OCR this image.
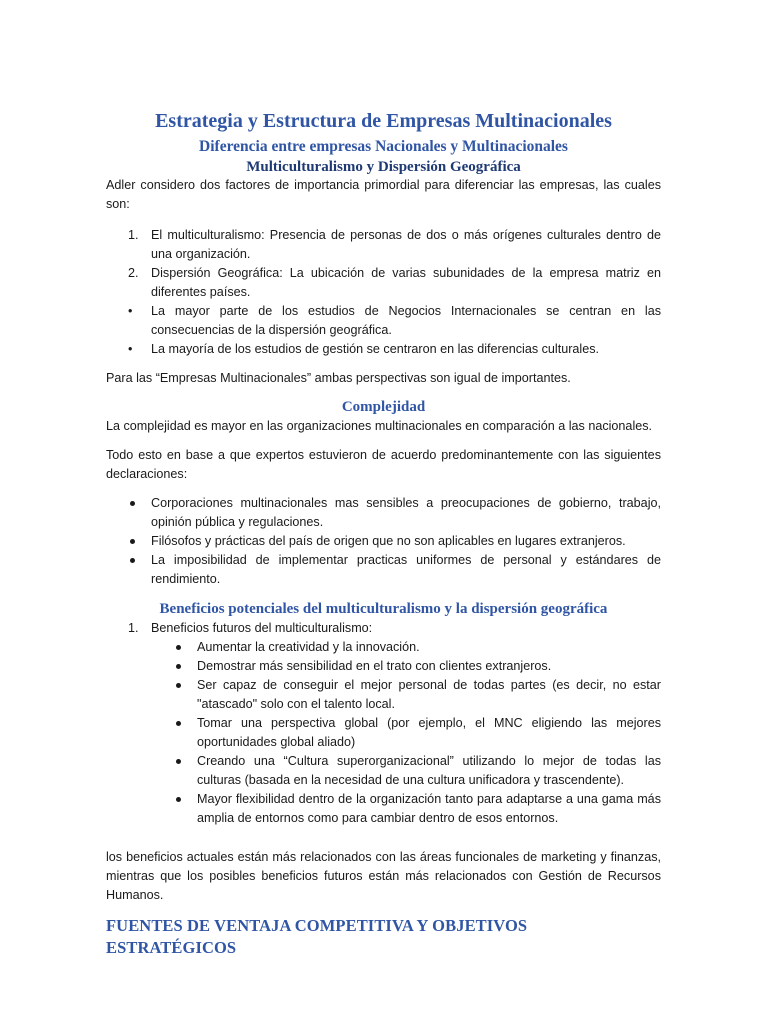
Estrategia y Estructura de Empresas Multinacionales
Diferencia entre empresas Nacionales y Multinacionales
Multiculturalismo y Dispersión Geográfica

Adler considero dos factores de importancia primordial para diferenciar las empresas, las cuales son:

1. El multiculturalismo: Presencia de personas de dos o más orígenes culturales dentro de una organización.
2. Dispersión Geográfica: La ubicación de varias subunidades de la empresa matriz en diferentes países.
• La mayor parte de los estudios de Negocios Internacionales se centran en las consecuencias de la dispersión geográfica.
• La mayoría de los estudios de gestión se centraron en las diferencias culturales.

Para las “Empresas Multinacionales” ambas perspectivas son igual de importantes.

Complejidad

La complejidad es mayor en las organizaciones multinacionales en comparación a las nacionales.

Todo esto en base a que expertos estuvieron de acuerdo predominantemente con las siguientes declaraciones:

Corporaciones multinacionales mas sensibles a preocupaciones de gobierno, trabajo, opinión pública y regulaciones.
Filósofos y prácticas del país de origen que no son aplicables en lugares extranjeros.
La imposibilidad de implementar practicas uniformes de personal y estándares de rendimiento.
Beneficios potenciales del multiculturalismo y la dispersión geográfica
1. Beneficios futuros del multiculturalismo:
Aumentar la creatividad y la innovación.
Demostrar más sensibilidad en el trato con clientes extranjeros.
Ser capaz de conseguir el mejor personal de todas partes (es decir, no estar "atascado" solo con el talento local.
Tomar una perspectiva global (por ejemplo, el MNC eligiendo las mejores oportunidades global aliado)
Creando una “Cultura superorganizacional” utilizando lo mejor de todas las culturas (basada en la necesidad de una cultura unificadora y trascendente).
Mayor flexibilidad dentro de la organización tanto para adaptarse a una gama más amplia de entornos como para cambiar dentro de esos entornos.

los beneficios actuales están más relacionados con las áreas funcionales de marketing y finanzas, mientras que los posibles beneficios futuros están más relacionados con Gestión de Recursos Humanos.

FUENTES DE VENTAJA COMPETITIVA Y OBJETIVOS ESTRATÉGICOS
